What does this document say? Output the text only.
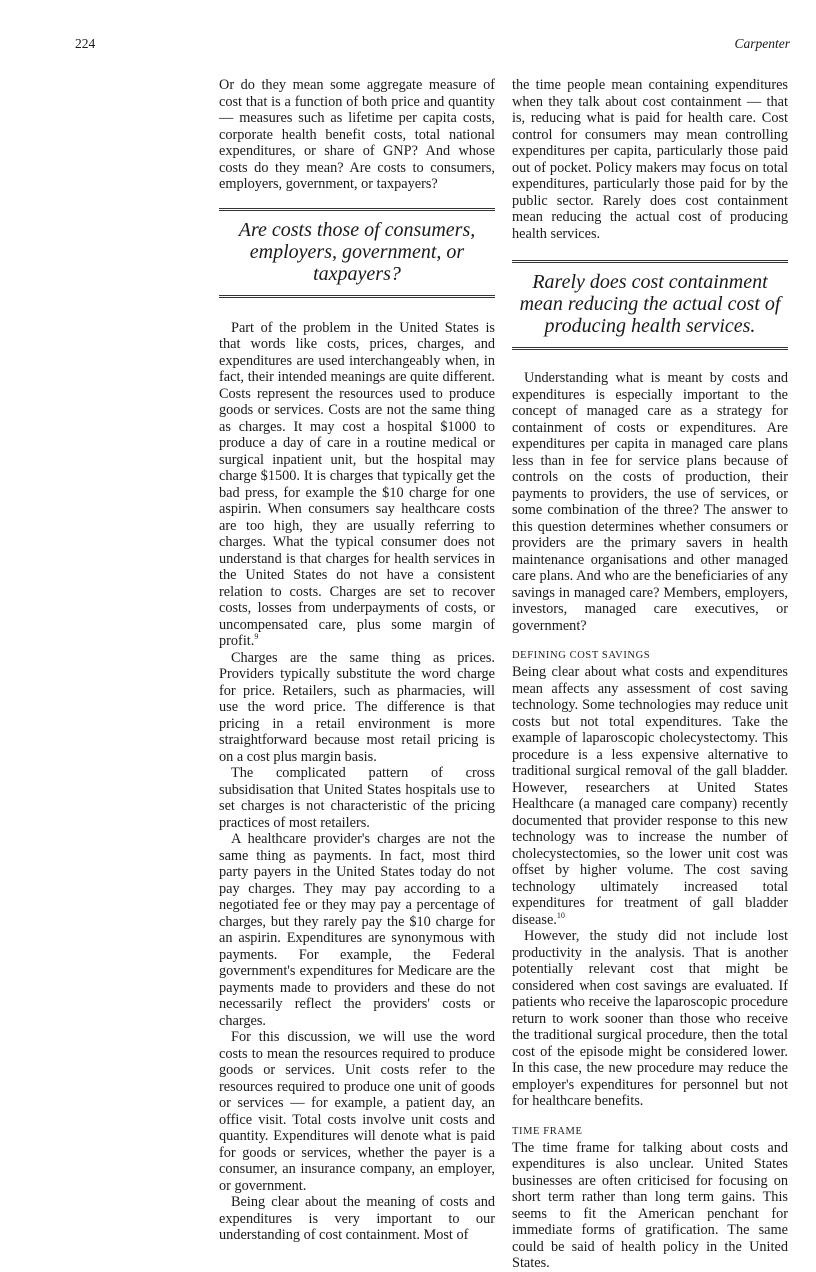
224	Carpenter

Or do they mean some aggregate measure of cost that is a function of both price and quantity — measures such as lifetime per capita costs, corporate health benefit costs, total national expenditures, or share of GNP? And whose costs do they mean? Are costs to consumers, employers, government, or taxpayers?

Are costs those of consumers, employers, government, or taxpayers?

Part of the problem in the United States is that words like costs, prices, charges, and expenditures are used interchangeably when, in fact, their intended meanings are quite different. Costs represent the resources used to produce goods or services. Costs are not the same thing as charges. It may cost a hospital $1000 to produce a day of care in a routine medical or surgical inpatient unit, but the hospital may charge $1500. It is charges that typically get the bad press, for example the $10 charge for one aspirin. When consumers say healthcare costs are too high, they are usually referring to charges. What the typical consumer does not understand is that charges for health services in the United States do not have a consistent relation to costs. Charges are set to recover costs, losses from underpayments of costs, or uncompensated care, plus some margin of profit.$^9$

Charges are the same thing as prices. Providers typically substitute the word charge for price. Retailers, such as pharmacies, will use the word price. The difference is that pricing in a retail environment is more straightforward because most retail pricing is on a cost plus margin basis.

The complicated pattern of cross subsidisation that United States hospitals use to set charges is not characteristic of the pricing practices of most retailers.

A healthcare provider's charges are not the same thing as payments. In fact, most third party payers in the United States today do not pay charges. They may pay according to a negotiated fee or they may pay a percentage of charges, but they rarely pay the $10 charge for an aspirin. Expenditures are synonymous with payments. For example, the Federal government's expenditures for Medicare are the payments made to providers and these do not necessarily reflect the providers' costs or charges.

For this discussion, we will use the word costs to mean the resources required to produce goods or services. Unit costs refer to the resources required to produce one unit of goods or services — for example, a patient day, an office visit. Total costs involve unit costs and quantity. Expenditures will denote what is paid for goods or services, whether the payer is a consumer, an insurance company, an employer, or government.

Being clear about the meaning of costs and expenditures is very important to our understanding of cost containment. Most of

the time people mean containing expenditures when they talk about cost containment — that is, reducing what is paid for health care. Cost control for consumers may mean controlling expenditures per capita, particularly those paid out of pocket. Policy makers may focus on total expenditures, particularly those paid for by the public sector. Rarely does cost containment mean reducing the actual cost of producing health services.

Rarely does cost containment mean reducing the actual cost of producing health services.

Understanding what is meant by costs and expenditures is especially important to the concept of managed care as a strategy for containment of costs or expenditures. Are expenditures per capita in managed care plans less than in fee for service plans because of controls on the costs of production, their payments to providers, the use of services, or some combination of the three? The answer to this question determines whether consumers or providers are the primary savers in health maintenance organisations and other managed care plans. And who are the beneficiaries of any savings in managed care? Members, employers, investors, managed care executives, or government?

DEFINING COST SAVINGS

Being clear about what costs and expenditures mean affects any assessment of cost saving technology. Some technologies may reduce unit costs but not total expenditures. Take the example of laparoscopic cholecystectomy. This procedure is a less expensive alternative to traditional surgical removal of the gall bladder. However, researchers at United States Healthcare (a managed care company) recently documented that provider response to this new technology was to increase the number of cholecystectomies, so the lower unit cost was offset by higher volume. The cost saving technology ultimately increased total expenditures for treatment of gall bladder disease.$^{10}$

However, the study did not include lost productivity in the analysis. That is another potentially relevant cost that might be considered when cost savings are evaluated. If patients who receive the laparoscopic procedure return to work sooner than those who receive the traditional surgical procedure, then the total cost of the episode might be considered lower. In this case, the new procedure may reduce the employer's expenditures for personnel but not for healthcare benefits.

TIME FRAME

The time frame for talking about costs and expenditures is also unclear. United States businesses are often criticised for focusing on short term rather than long term gains. This seems to fit the American penchant for immediate forms of gratification. The same could be said of health policy in the United States.
